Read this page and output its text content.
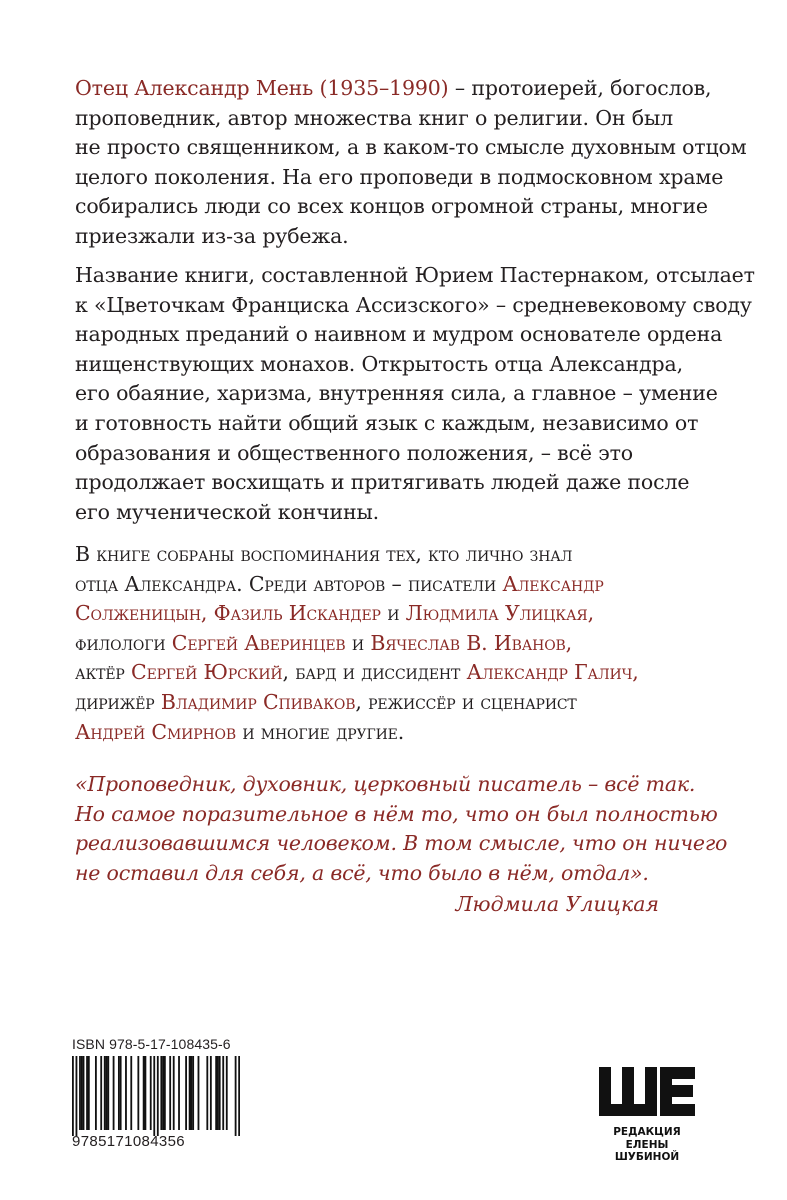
Отец Александр Мень (1935–1990) – протоиерей, богослов,
проповедник, автор множества книг о религии. Он был
не просто священником, а в каком-то смысле духовным отцом
целого поколения. На его проповеди в подмосковном храме
собирались люди со всех концов огромной страны, многие
приезжали из-за рубежа.
Название книги, составленной Юрием Пастернаком, отсылает
к «Цветочкам Франциска Ассизского» – средневековому своду
народных преданий о наивном и мудром основателе ордена
нищенствующих монахов. Открытость отца Александра,
его обаяние, харизма, внутренняя сила, а главное – умение
и готовность найти общий язык с каждым, независимо от
образования и общественного положения, – всё это
продолжает восхищать и притягивать людей даже после
его мученической кончины.
В книге собраны воспоминания тех, кто лично знал
отца Александра. Среди авторов – писатели Александр
Солженицын, Фазиль Искандер и Людмила Улицкая,
филологи Сергей Аверинцев и Вячеслав В. Иванов,
актёр Сергей Юрский, бард и диссидент Александр Галич,
дирижёр Владимир Спиваков, режиссёр и сценарист
Андрей Смирнов и многие другие.
«Проповедник, духовник, церковный писатель – всё так.
Но самое поразительное в нём то, что он был полностью
реализовавшимся человеком. В том смысле, что он ничего
не оставил для себя, а всё, что было в нём, отдал».
Людмила Улицкая
ISBN 978-5-17-108435-6
9785171084356
РЕДАКЦИЯ
ЕЛЕНЫ ШУБИНОЙ
